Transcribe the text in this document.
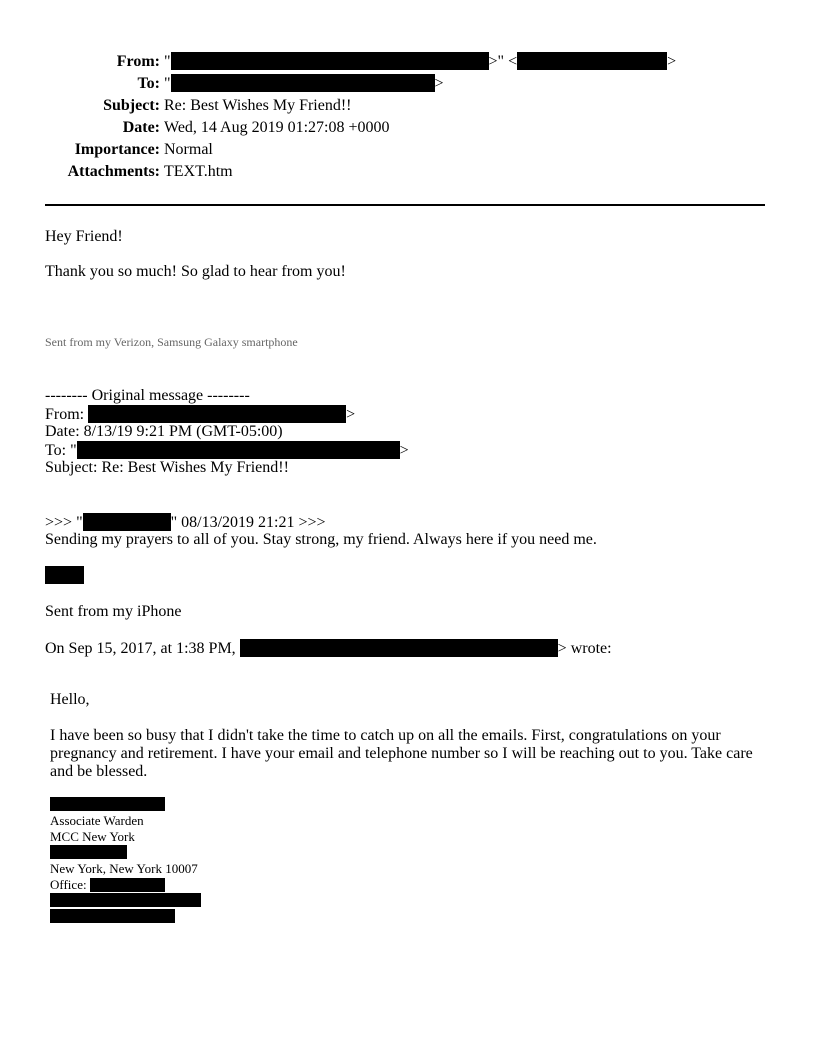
From: "	>" <	>
To: "	>
Subject: Re: Best Wishes My Friend!!
Date: Wed, 14 Aug 2019 01:27:08 +0000
Importance: Normal
Attachments: TEXT.htm
Hey Friend!
Thank you so much! So glad to hear from you!
Sent from my Verizon, Samsung Galaxy smartphone
-------- Original message --------
From:	>
Date: 8/13/19 9:21 PM (GMT-05:00)
To: "	>
Subject: Re: Best Wishes My Friend!!
>>> "	" 08/13/2019 21:21 >>>
Sending my prayers to all of you. Stay strong, my friend. Always here if you need me.
Sent from my iPhone
On Sep 15, 2017, at 1:38 PM,	> wrote:
Hello,
I have been so busy that I didn't take the time to catch up on all the emails. First, congratulations on your pregnancy and retirement. I have your email and telephone number so I will be reaching out to you. Take care and be blessed.
Associate Warden
MCC New York
New York, New York 10007
Office:
